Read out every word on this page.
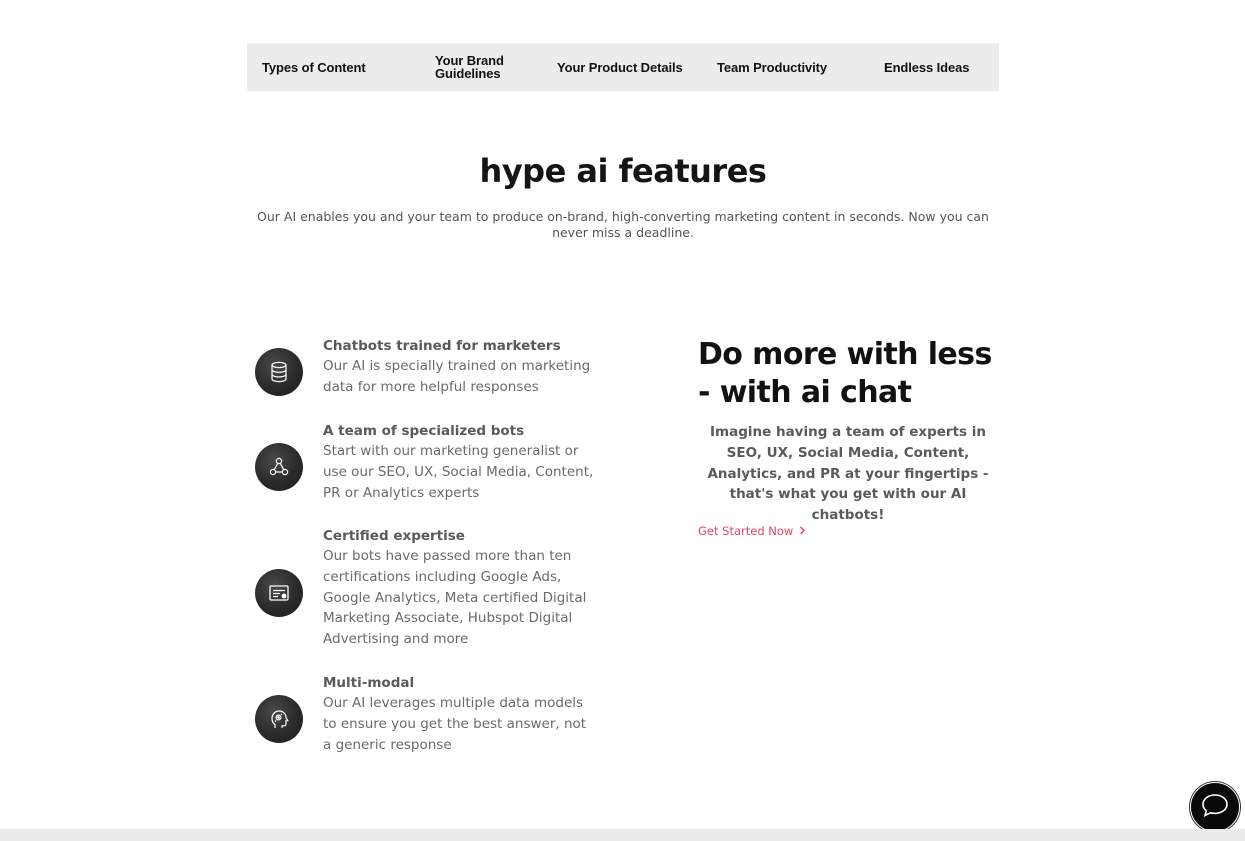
Types of Content	Your Brand
Guidelines	Your Product Details	Team Productivity	Endless Ideas
hype ai features

Our AI enables you and your team to produce on-brand, high-converting marketing content in seconds. Now you can never miss a deadline.

Chatbots trained for marketers

Our AI is specially trained on marketing data for more helpful responses

A team of specialized bots

Start with our marketing generalist or use our SEO, UX, Social Media, Content, PR or Analytics experts

Certified expertise

Our bots have passed more than ten certifications including Google Ads, Google Analytics, Meta certified Digital Marketing Associate, Hubspot Digital Advertising and more

Multi-modal

Our AI leverages multiple data models to ensure you get the best answer, not a generic response

Do more with less - with ai chat

Imagine having a team of experts in SEO, UX, Social Media, Content, Analytics, and PR at your fingertips - that's what you get with our AI chatbots!

Get Started Now
